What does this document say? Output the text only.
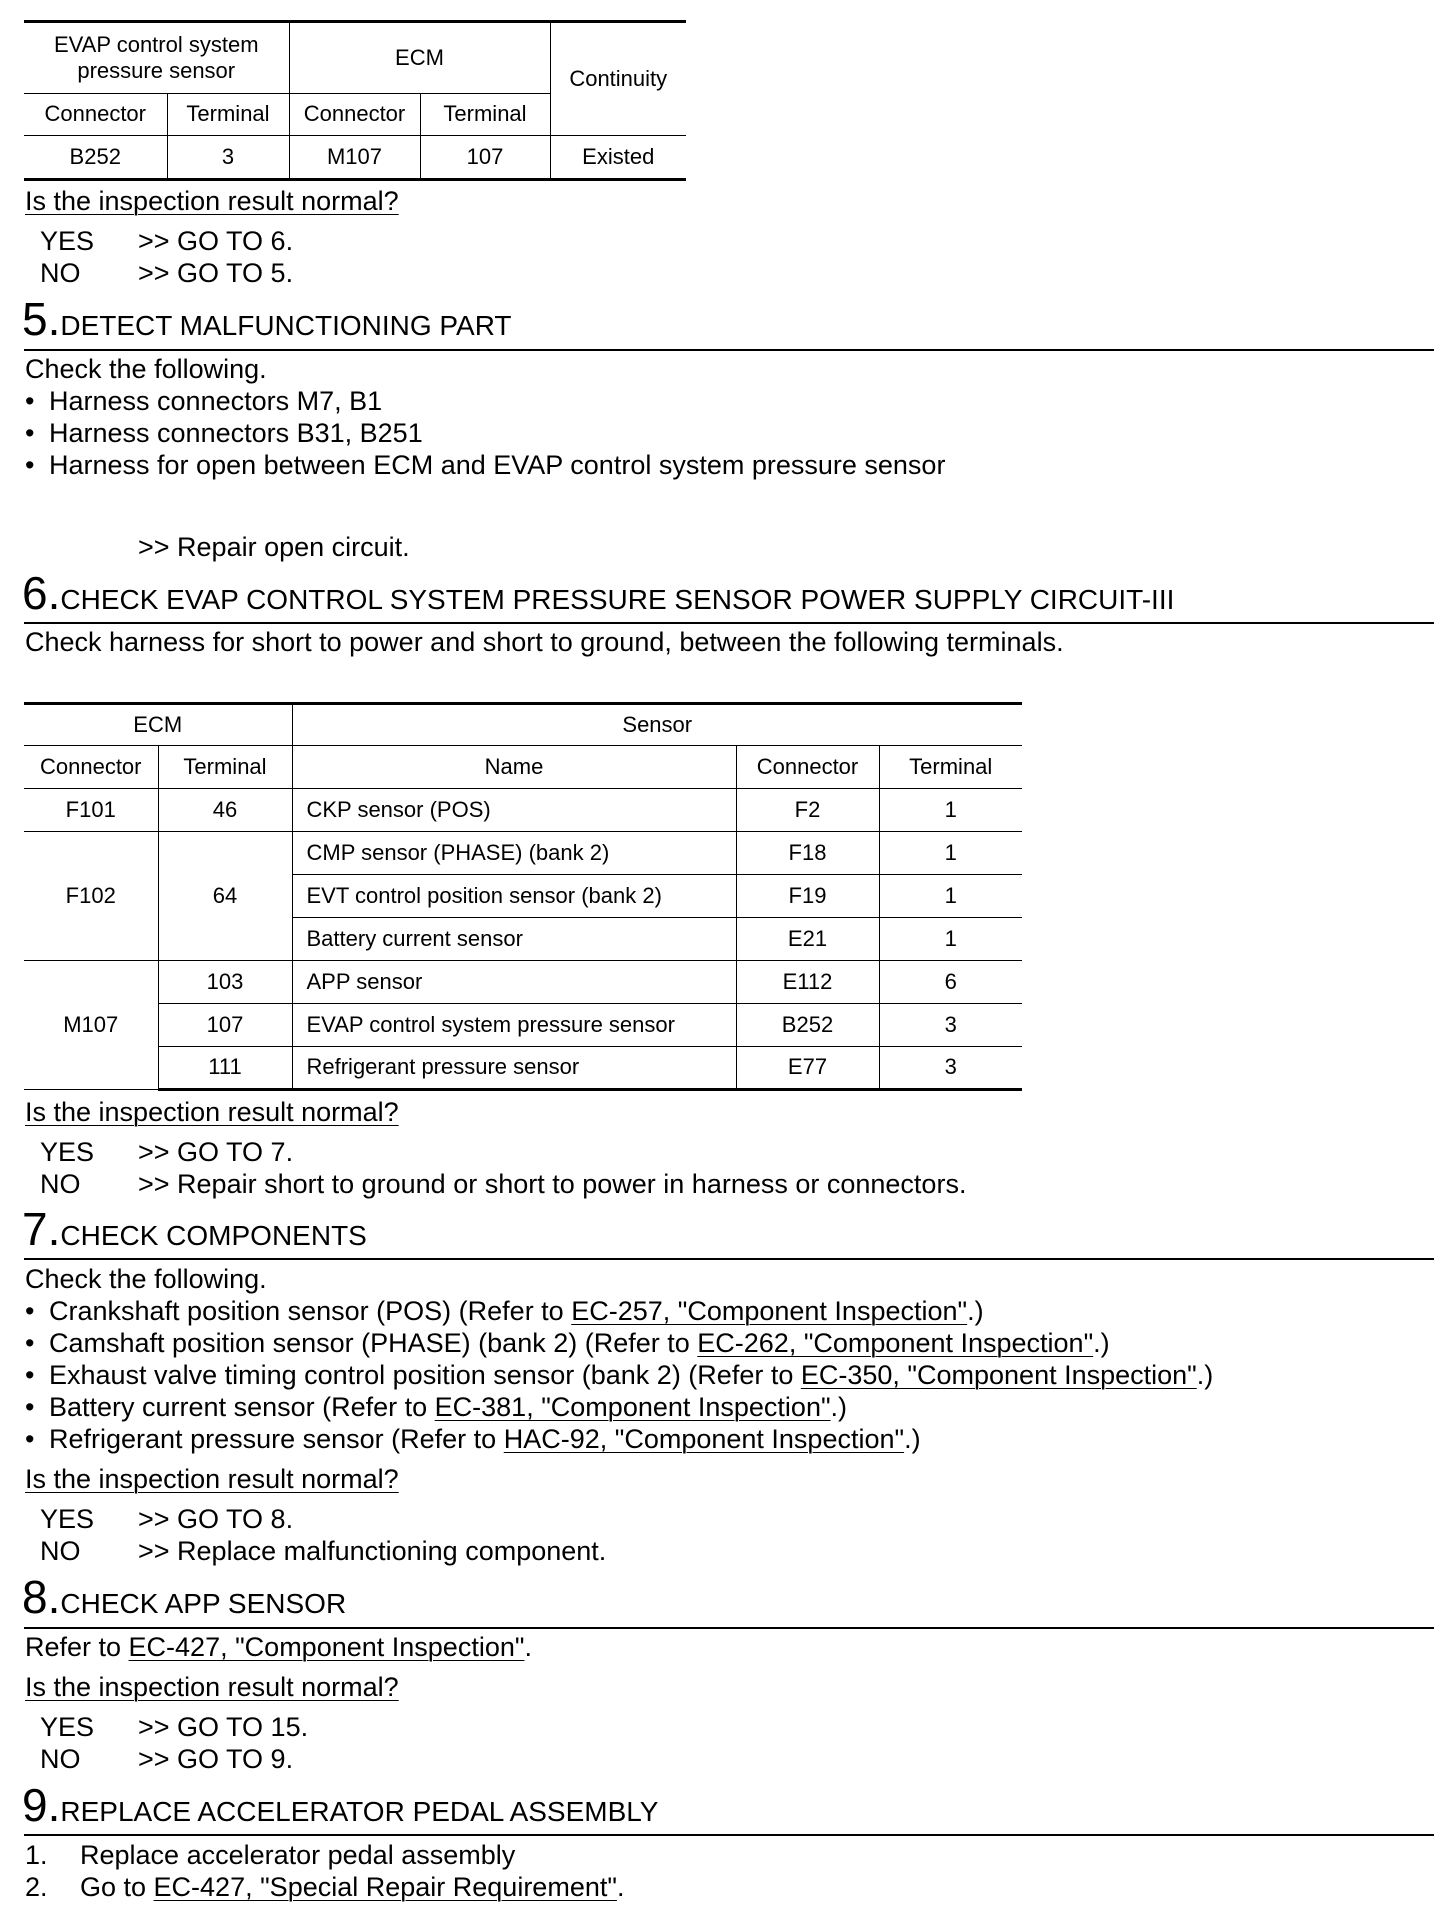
EVAP control system pressure sensor		ECM		Continuity
Connector	Terminal	Connector	Terminal	
B252	3	M107	107	Existed
Is the inspection result normal?
YES >> GO TO 6.
NO >> GO TO 5.
5.DETECT MALFUNCTIONING PART
Check the following.
• Harness connectors M7, B1
• Harness connectors B31, B251
• Harness for open between ECM and EVAP control system pressure sensor
>> Repair open circuit.
6.CHECK EVAP CONTROL SYSTEM PRESSURE SENSOR POWER SUPPLY CIRCUIT-III
Check harness for short to power and short to ground, between the following terminals.
ECM		Sensor		
Connector	Terminal	Name	Connector	Terminal
F101	46	CKP sensor (POS)	F2	1
F102	64	CMP sensor (PHASE) (bank 2)	F18	1
		EVT control position sensor (bank 2)	F19	1
		Battery current sensor	E21	1
M107	103	APP sensor	E112	6
	107	EVAP control system pressure sensor	B252	3
	111	Refrigerant pressure sensor	E77	3
Is the inspection result normal?
YES >> GO TO 7.
NO >> Repair short to ground or short to power in harness or connectors.
7.CHECK COMPONENTS
Check the following.
• Crankshaft position sensor (POS) (Refer to EC-257, "Component Inspection".)
• Camshaft position sensor (PHASE) (bank 2) (Refer to EC-262, "Component Inspection".)
• Exhaust valve timing control position sensor (bank 2) (Refer to EC-350, "Component Inspection".)
• Battery current sensor (Refer to EC-381, "Component Inspection".)
• Refrigerant pressure sensor (Refer to HAC-92, "Component Inspection".)
Is the inspection result normal?
YES >> GO TO 8.
NO >> Replace malfunctioning component.
8.CHECK APP SENSOR
Refer to EC-427, "Component Inspection".
Is the inspection result normal?
YES >> GO TO 15.
NO >> GO TO 9.
9.REPLACE ACCELERATOR PEDAL ASSEMBLY
1. Replace accelerator pedal assembly
2. Go to EC-427, "Special Repair Requirement".
